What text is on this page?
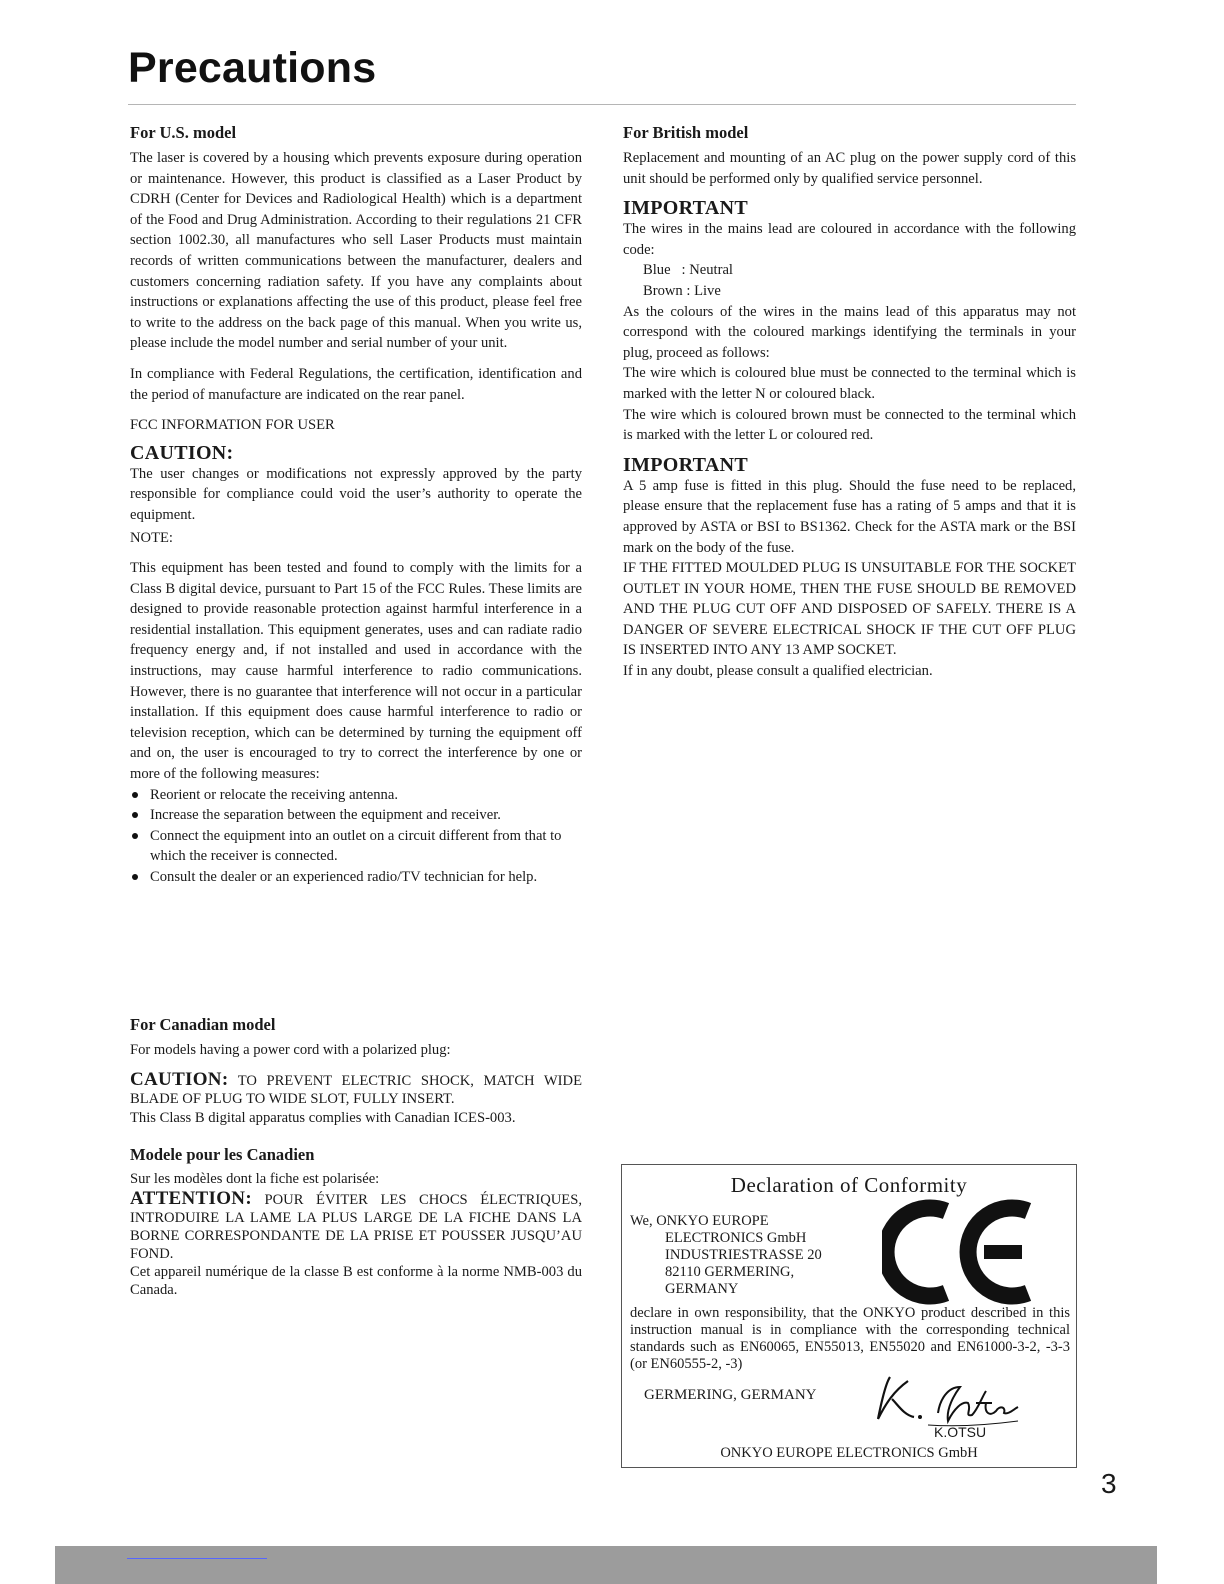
Precautions
For U.S. model

The laser is covered by a housing which prevents exposure during operation or maintenance. However, this product is classified as a Laser Product by CDRH (Center for Devices and Radiological Health) which is a department of the Food and Drug Administration. According to their regulations 21 CFR section 1002.30, all manufactures who sell Laser Products must maintain records of written communications between the manufacturer, dealers and customers concerning radiation safety. If you have any complaints about instructions or explanations affecting the use of this product, please feel free to write to the address on the back page of this manual. When you write us, please include the model number and serial number of your unit.

In compliance with Federal Regulations, the certification, identification and the period of manufacture are indicated on the rear panel.

FCC INFORMATION FOR USER

CAUTION:

The user changes or modifications not expressly approved by the party responsible for compliance could void the user’s authority to operate the equipment.

NOTE:

This equipment has been tested and found to comply with the limits for a Class B digital device, pursuant to Part 15 of the FCC Rules. These limits are designed to provide reasonable protection against harmful interference in a residential installation. This equipment generates, uses and can radiate radio frequency energy and, if not installed and used in accordance with the instructions, may cause harmful interference to radio communications. However, there is no guarantee that interference will not occur in a particular installation. If this equipment does cause harmful interference to radio or television reception, which can be determined by turning the equipment off and on, the user is encouraged to try to correct the interference by one or more of the following measures:

Reorient or relocate the receiving antenna.
Increase the separation between the equipment and receiver.
Connect the equipment into an outlet on a circuit different from that to which the receiver is connected.
Consult the dealer or an experienced radio/TV technician for help.
For British model

Replacement and mounting of an AC plug on the power supply cord of this unit should be performed only by qualified service personnel.

IMPORTANT

The wires in the mains lead are coloured in accordance with the following code:

Blue   : Neutral

Brown : Live

As the colours of the wires in the mains lead of this apparatus may not correspond with the coloured markings identifying the terminals in your plug, proceed as follows:

The wire which is coloured blue must be connected to the terminal which is marked with the letter N or coloured black.

The wire which is coloured brown must be connected to the terminal which is marked with the letter L or coloured red.

IMPORTANT

A 5 amp fuse is fitted in this plug. Should the fuse need to be replaced, please ensure that the replacement fuse has a rating of 5 amps and that it is approved by ASTA or BSI to BS1362. Check for the ASTA mark or the BSI mark on the body of the fuse.

IF THE FITTED MOULDED PLUG IS UNSUITABLE FOR THE SOCKET OUTLET IN YOUR HOME, THEN THE FUSE SHOULD BE REMOVED AND THE PLUG CUT OFF AND DISPOSED OF SAFELY. THERE IS A DANGER OF SEVERE ELECTRICAL SHOCK IF THE CUT OFF PLUG IS INSERTED INTO ANY 13 AMP SOCKET.

If in any doubt, please consult a qualified electrician.

For Canadian model

For models having a power cord with a polarized plug:

CAUTION: TO PREVENT ELECTRIC SHOCK, MATCH WIDE BLADE OF PLUG TO WIDE SLOT, FULLY INSERT.

This Class B digital apparatus complies with Canadian ICES-003.

Modele pour les Canadien

Sur les modèles dont la fiche est polarisée:

ATTENTION: POUR ÉVITER LES CHOCS ÉLECTRIQUES, INTRODUIRE LA LAME LA PLUS LARGE DE LA FICHE DANS LA BORNE CORRESPONDANTE DE LA PRISE ET POUSSER JUSQU’AU FOND.

Cet appareil numérique de la classe B est conforme à la norme NMB-003 du Canada.

Declaration of Conformity
We, ONKYO EUROPE
ELECTRONICS GmbH
INDUSTRIESTRASSE 20
82110 GERMERING,
GERMANY
declare in own responsibility, that the ONKYO product described in this instruction manual is in compliance with the corresponding technical standards such as EN60065, EN55013, EN55020 and EN61000-3-2, -3-3 (or EN60555-2, -3)
GERMERING, GERMANY
K.OTSU
ONKYO EUROPE ELECTRONICS GmbH
3
